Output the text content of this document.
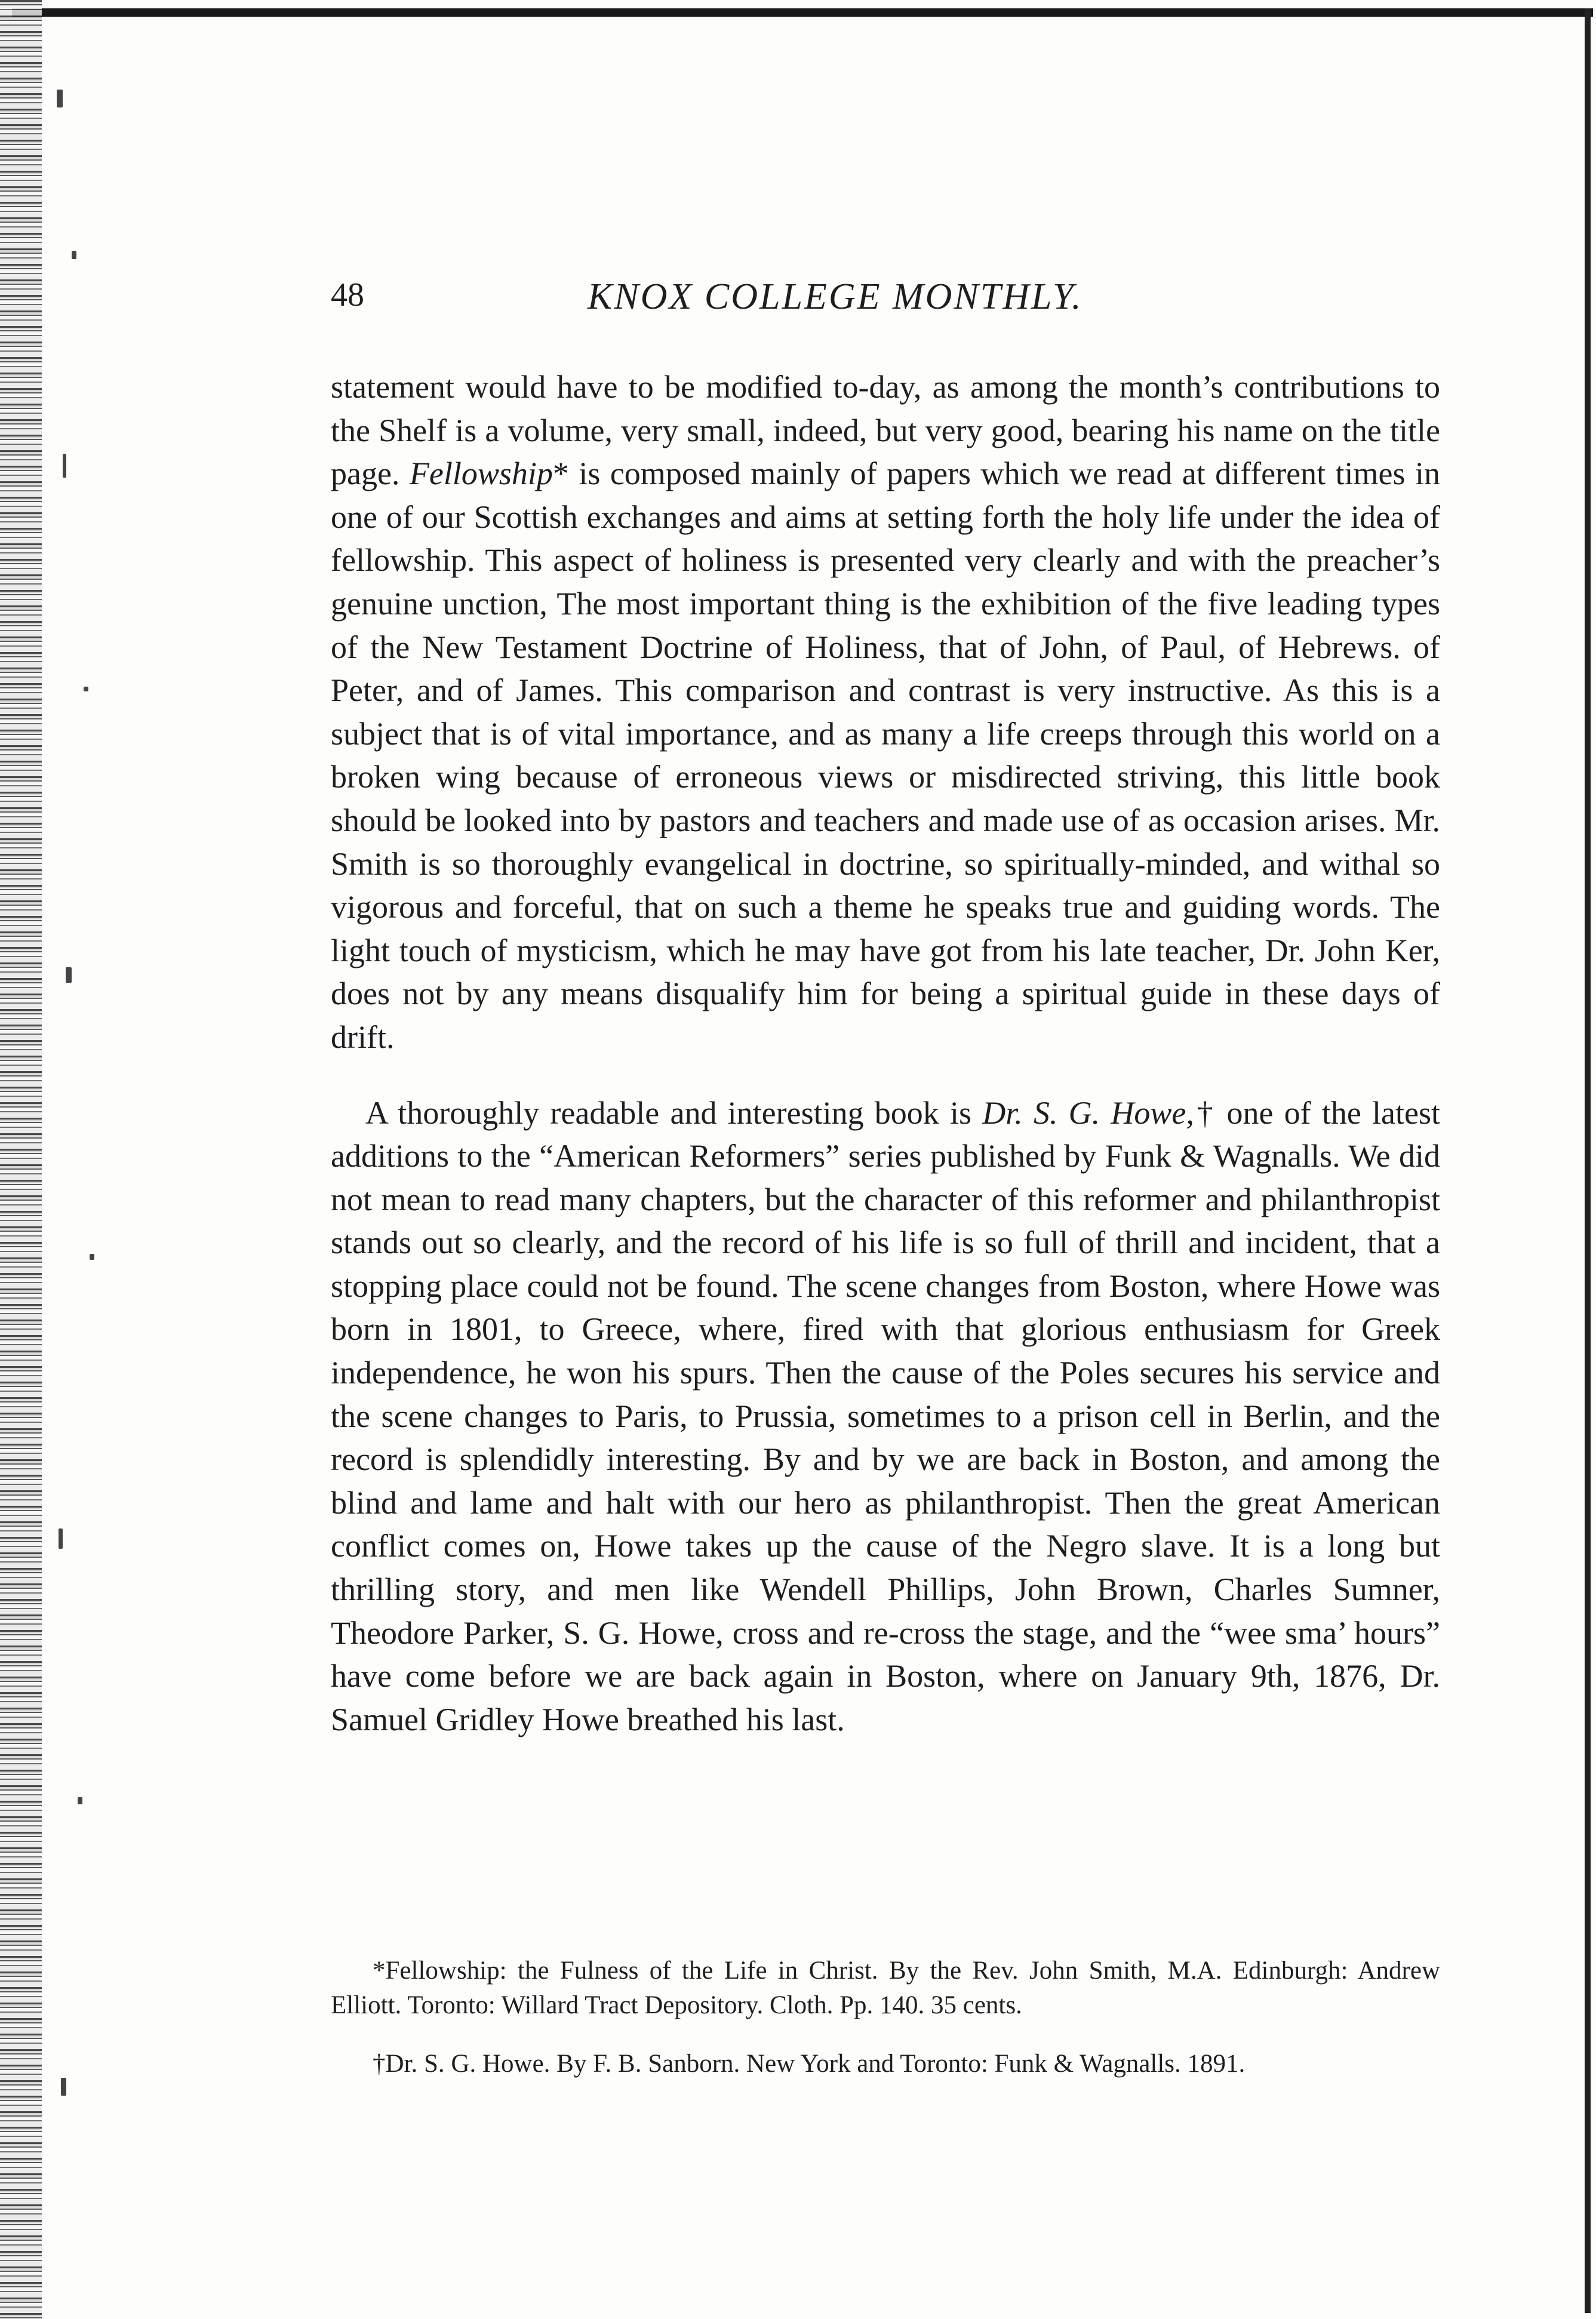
48	KNOX COLLEGE MONTHLY.

statement would have to be modified to-day, as among the month’s contributions to the Shelf is a volume, very small, indeed, but very good, bearing his name on the title page. Fellowship* is composed mainly of papers which we read at different times in one of our Scottish exchanges and aims at setting forth the holy life under the idea of fellowship. This aspect of holiness is presented very clearly and with the preacher’s genuine unction, The most important thing is the exhibition of the five leading types of the New Testament Doctrine of Holiness, that of John, of Paul, of Hebrews. of Peter, and of James. This comparison and contrast is very instructive. As this is a subject that is of vital importance, and as many a life creeps through this world on a broken wing because of erroneous views or misdirected striving, this little book should be looked into by pastors and teachers and made use of as occasion arises. Mr. Smith is so thoroughly evangelical in doctrine, so spiritually-minded, and withal so vigorous and forceful, that on such a theme he speaks true and guiding words. The light touch of mysticism, which he may have got from his late teacher, Dr. John Ker, does not by any means disqualify him for being a spiritual guide in these days of drift.

A thoroughly readable and interesting book is Dr. S. G. Howe,† one of the latest additions to the “American Reformers” series published by Funk & Wagnalls. We did not mean to read many chapters, but the character of this reformer and philanthropist stands out so clearly, and the record of his life is so full of thrill and incident, that a stopping place could not be found. The scene changes from Boston, where Howe was born in 1801, to Greece, where, fired with that glorious enthusiasm for Greek independence, he won his spurs. Then the cause of the Poles secures his service and the scene changes to Paris, to Prussia, sometimes to a prison cell in Berlin, and the record is splendidly interesting. By and by we are back in Boston, and among the blind and lame and halt with our hero as philanthropist. Then the great American conflict comes on, Howe takes up the cause of the Negro slave. It is a long but thrilling story, and men like Wendell Phillips, John Brown, Charles Sumner, Theodore Parker, S. G. Howe, cross and re-cross the stage, and the “wee sma’ hours” have come before we are back again in Boston, where on January 9th, 1876, Dr. Samuel Gridley Howe breathed his last.

*Fellowship: the Fulness of the Life in Christ. By the Rev. John Smith, M.A. Edinburgh: Andrew Elliott. Toronto: Willard Tract Depository. Cloth. Pp. 140. 35 cents.

†Dr. S. G. Howe. By F. B. Sanborn. New York and Toronto: Funk & Wagnalls. 1891.
